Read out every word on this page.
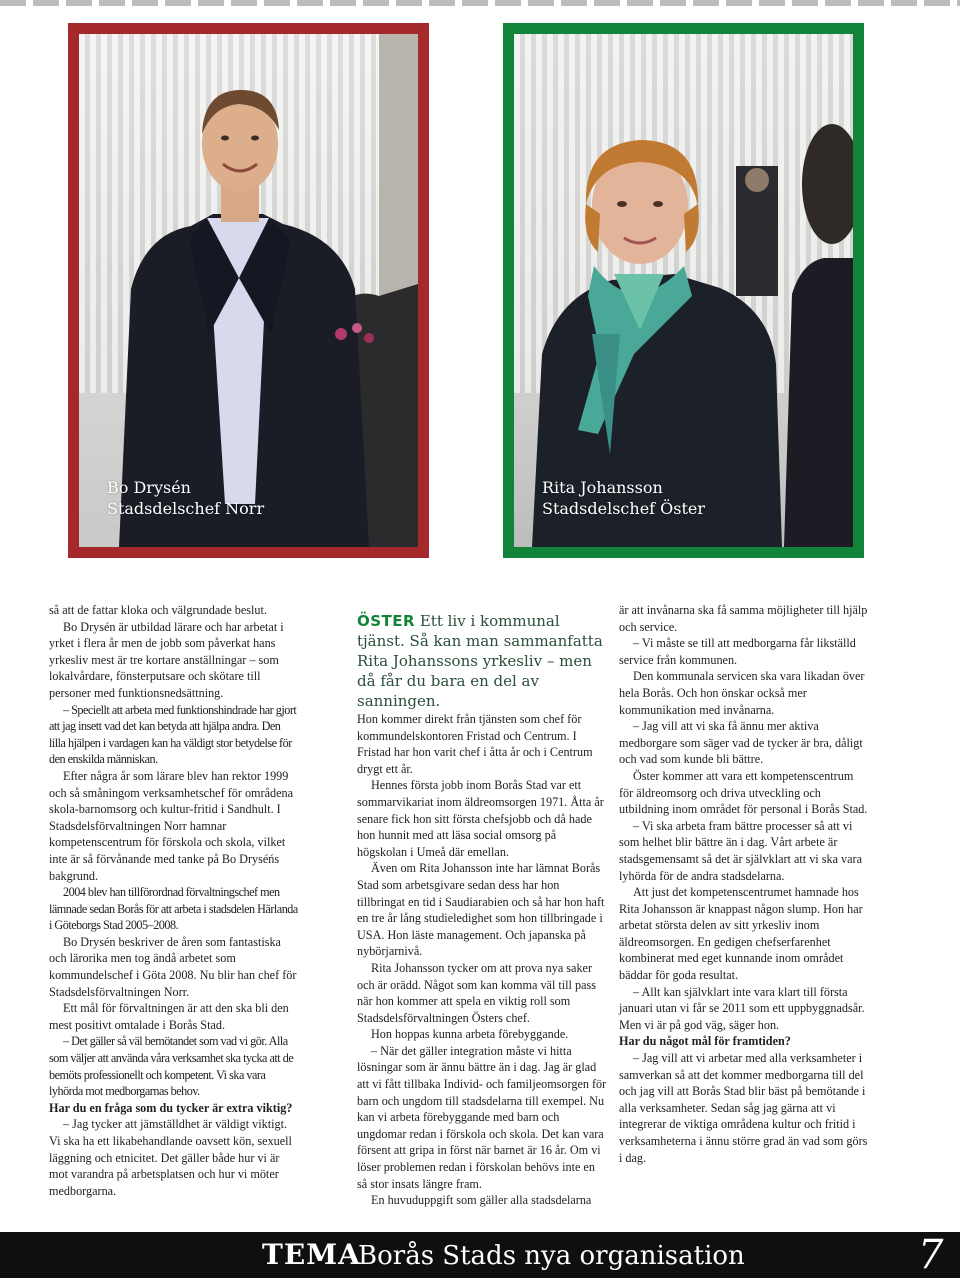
Bo Drysén
Stadsdelschef Norr
Rita Johansson
Stadsdelschef Öster

så att de fattar kloka och välgrundade beslut.

Bo Drysén är utbildad lärare och har arbetat i yrket i flera år men de jobb som påverkat hans yrkesliv mest är tre kortare anställningar – som lokalvårdare, fönsterputsare och skötare till personer med funktionsnedsättning.

– Speciellt att arbeta med funktionshindrade har gjort att jag insett vad det kan betyda att hjälpa andra. Den lilla hjälpen i vardagen kan ha väldigt stor betydelse för den enskilda människan.

Efter några år som lärare blev han rektor 1999 och så småningom verksamhetschef för områdena skola-barnomsorg och kultur-fritid i Sandhult. I Stadsdelsförvaltningen Norr hamnar kompetenscentrum för förskola och skola, vilket inte är så förvånande med tanke på Bo Dryséńs bakgrund.

2004 blev han tillförordnad förvaltningschef men lämnade sedan Borås för att arbeta i stadsdelen Härlanda i Göteborgs Stad 2005–2008.

Bo Drysén beskriver de åren som fantastiska och lärorika men tog ändå arbetet som kommundelschef i Göta 2008. Nu blir han chef för Stadsdelsförvaltningen Norr.

Ett mål för förvaltningen är att den ska bli den mest positivt omtalade i Borås Stad.

– Det gäller så väl bemötandet som vad vi gör. Alla som väljer att använda våra verksamhet ska tycka att de bemöts professionellt och kompetent. Vi ska vara lyhörda mot medborgarnas behov.

Har du en fråga som du tycker är extra viktig?

– Jag tycker att jämställdhet är väldigt viktigt. Vi ska ha ett likabehandlande oavsett kön, sexuell läggning och etnicitet. Det gäller både hur vi är mot varandra på arbetsplatsen och hur vi möter medborgarna.

ÖSTER Ett liv i kommunal tjänst. Så kan man sammanfatta Rita Johanssons yrkesliv – men då får du bara en del av sanningen.

Hon kommer direkt från tjänsten som chef för kommundelskontoren Fristad och Centrum. I Fristad har hon varit chef i åtta år och i Centrum drygt ett år.

Hennes första jobb inom Borås Stad var ett sommarvikariat inom äldreomsorgen 1971. Åtta år senare fick hon sitt första chefsjobb och då hade hon hunnit med att läsa social omsorg på högskolan i Umeå där emellan.

Även om Rita Johansson inte har lämnat Borås Stad som arbetsgivare sedan dess har hon tillbringat en tid i Saudiarabien och så har hon haft en tre år lång studieledighet som hon tillbringade i USA. Hon läste management. Och japanska på nybörjarnivå.

Rita Johansson tycker om att prova nya saker och är orädd. Något som kan komma väl till pass när hon kommer att spela en viktig roll som Stadsdelsförvaltningen Östers chef.

Hon hoppas kunna arbeta förebyggande.

– När det gäller integration måste vi hitta lösningar som är ännu bättre än i dag. Jag är glad att vi fått tillbaka Individ- och familjeomsorgen för barn och ungdom till stadsdelarna till exempel. Nu kan vi arbeta förebyggande med barn och ungdomar redan i förskola och skola. Det kan vara försent att gripa in först när barnet är 16 år. Om vi löser problemen redan i förskolan behövs inte en så stor insats längre fram.

En huvuduppgift som gäller alla stadsdelarna

är att invånarna ska få samma möjligheter till hjälp och service.

– Vi måste se till att medborgarna får likställd service från kommunen.

Den kommunala servicen ska vara likadan över hela Borås. Och hon önskar också mer kommunikation med invånarna.

– Jag vill att vi ska få ännu mer aktiva medborgare som säger vad de tycker är bra, dåligt och vad som kunde bli bättre.

Öster kommer att vara ett kompetenscentrum för äldreomsorg och driva utveckling och utbildning inom området för personal i Borås Stad.

– Vi ska arbeta fram bättre processer så att vi som helhet blir bättre än i dag. Vårt arbete är stadsgemensamt så det är självklart att vi ska vara lyhörda för de andra stadsdelarna.

Att just det kompetenscentrumet hamnade hos Rita Johansson är knappast någon slump. Hon har arbetat största delen av sitt yrkesliv inom äldreomsorgen. En gedigen chefserfarenhet kombinerat med eget kunnande inom området bäddar för goda resultat.

– Allt kan självklart inte vara klart till första januari utan vi får se 2011 som ett uppbyggnadsår. Men vi är på god väg, säger hon.

Har du något mål för framtiden?

– Jag vill att vi arbetar med alla verksamheter i samverkan så att det kommer medborgarna till del och jag vill att Borås Stad blir bäst på bemötande i alla verksamheter. Sedan såg jag gärna att vi integrerar de viktiga områdena kultur och fritid i verksamheterna i ännu större grad än vad som görs i dag.

TEMA
Borås Stads nya organisation	7
